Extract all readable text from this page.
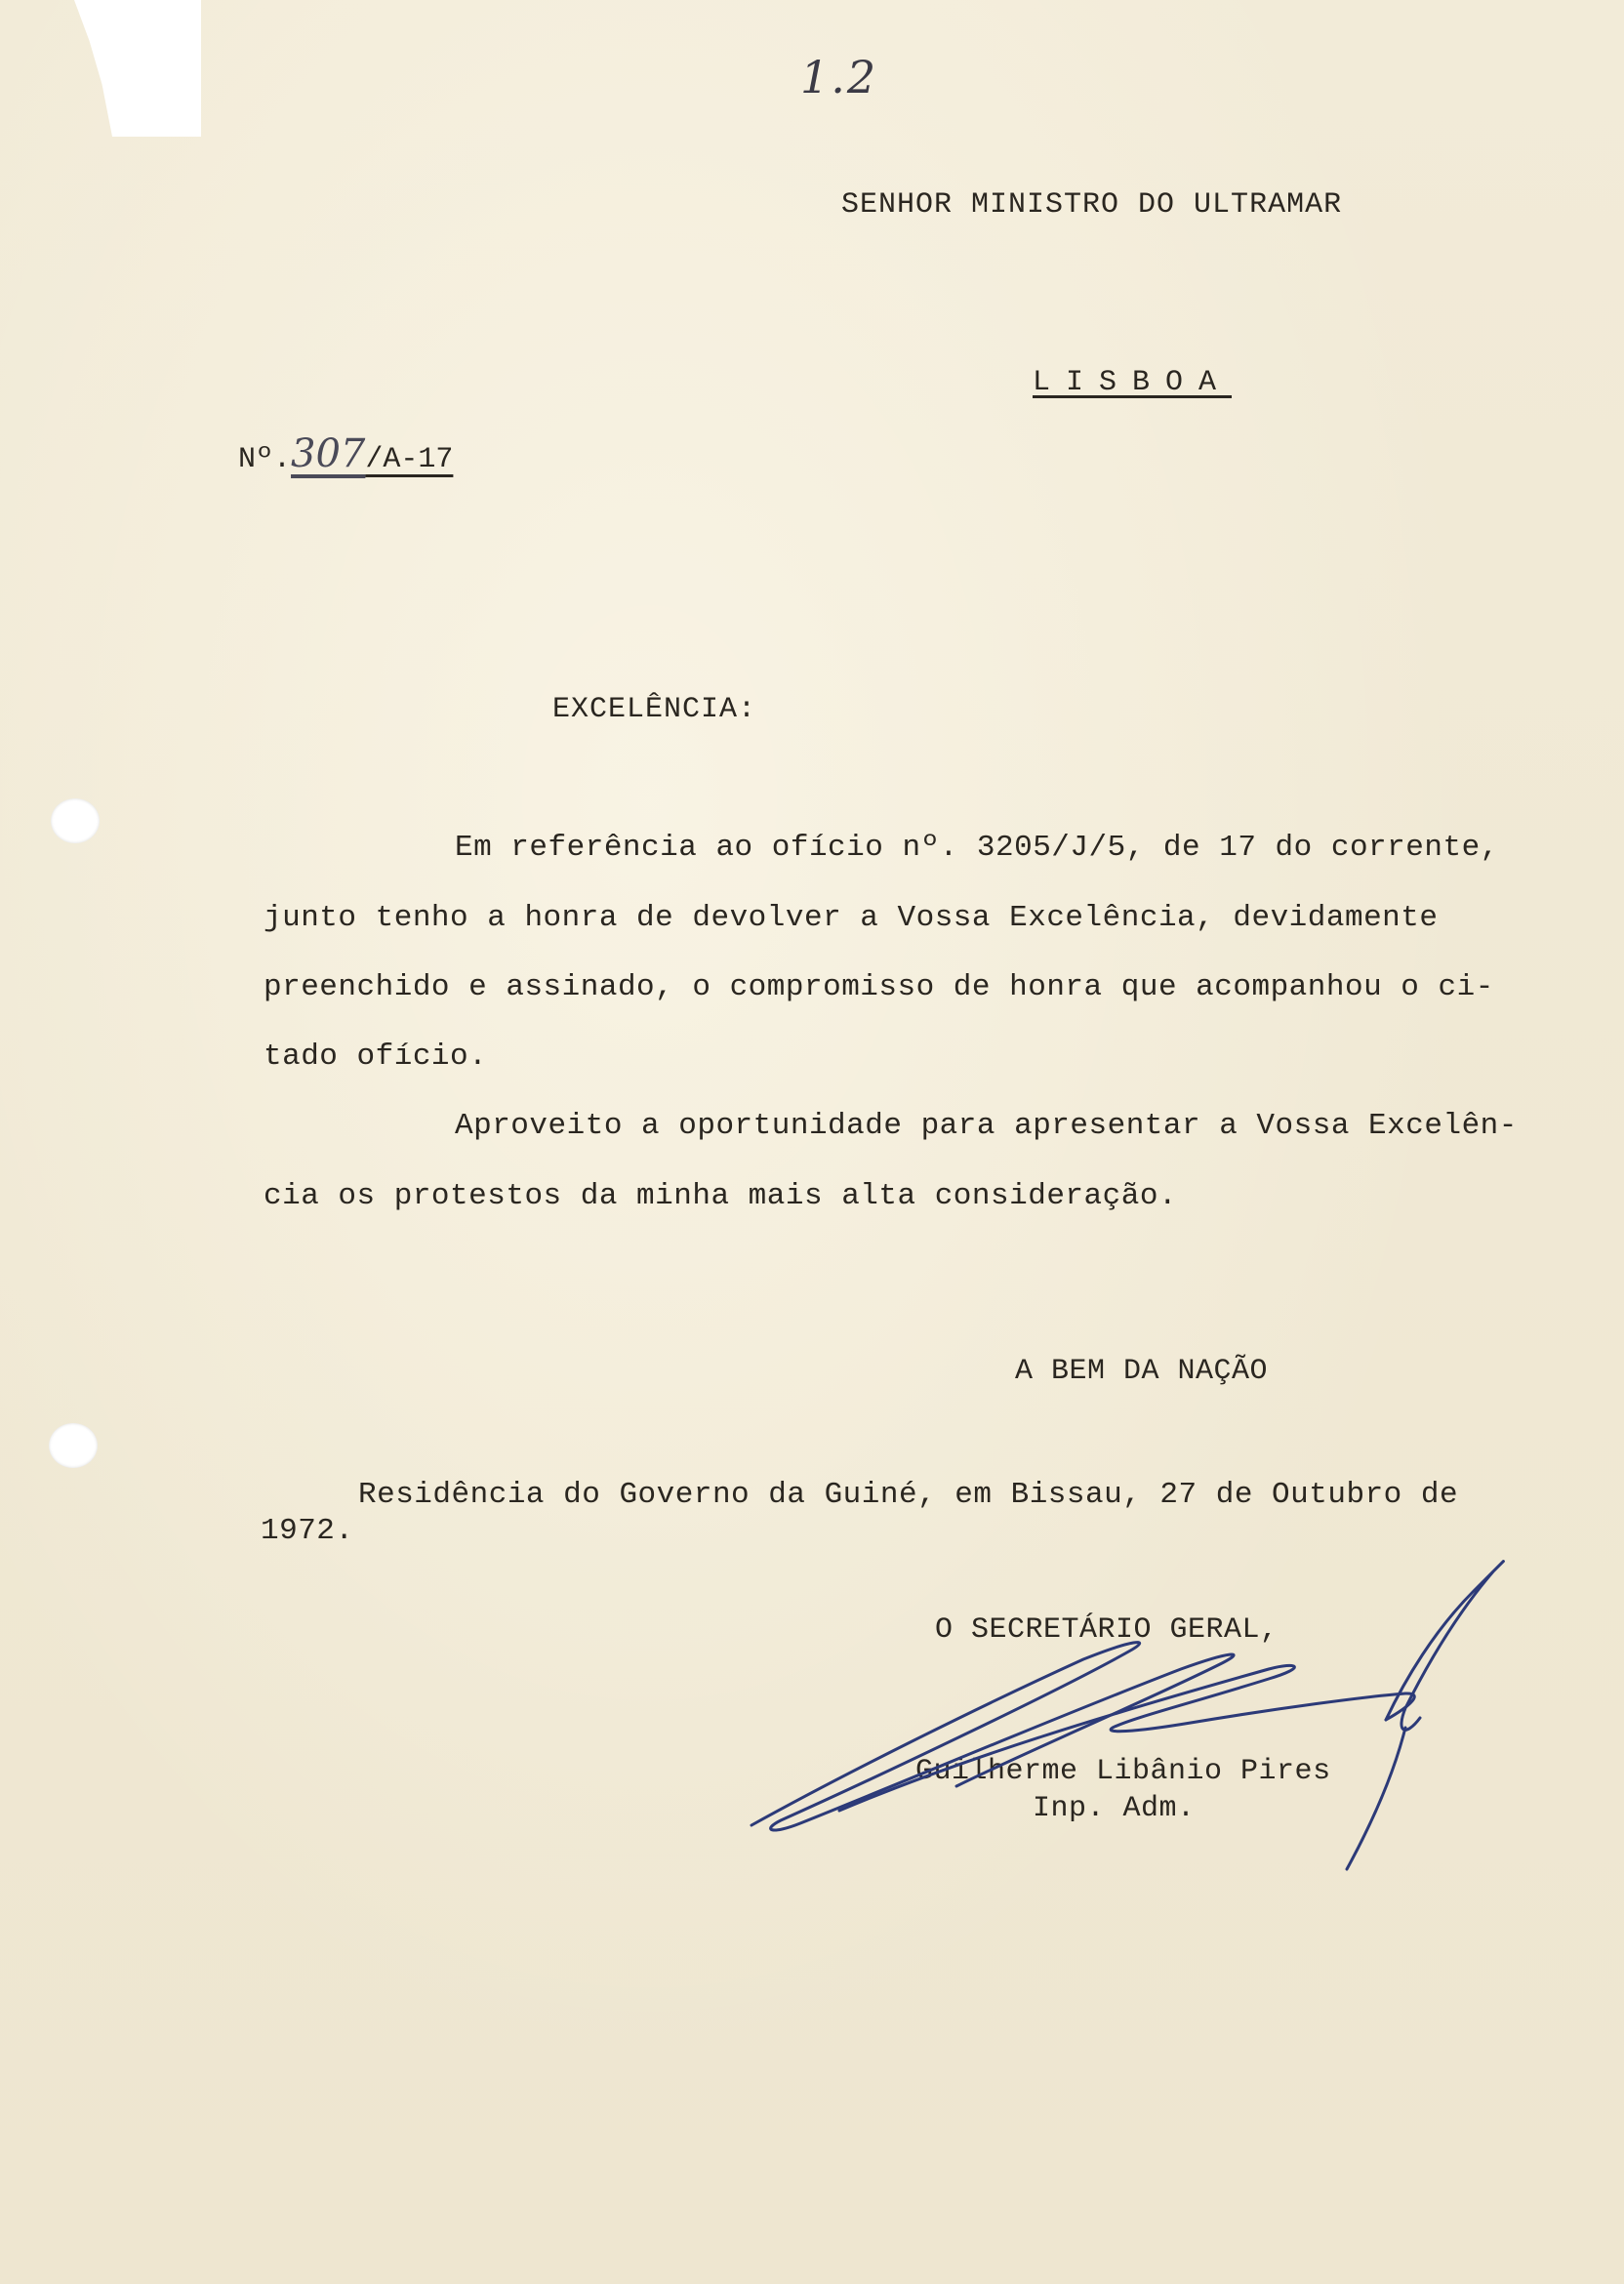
1.2
SENHOR MINISTRO DO ULTRAMAR
LISBOA

Nº.307/A-17

EXCELÊNCIA:
Em referência ao ofício nº. 3205/J/5, de 17 do corrente,
junto tenho a honra de devolver a Vossa Excelência, devidamente
preenchido e assinado, o compromisso de honra que acompanhou o ci-
tado ofício.
Aproveito a oportunidade para apresentar a Vossa Excelên-
cia os protestos da minha mais alta consideração.
A BEM DA NAÇÃO
Residência do Governo da Guiné, em Bissau, 27 de Outubro de
1972.
O SECRETÁRIO GERAL,
Guilherme Libânio Pires
Inp. Adm.
